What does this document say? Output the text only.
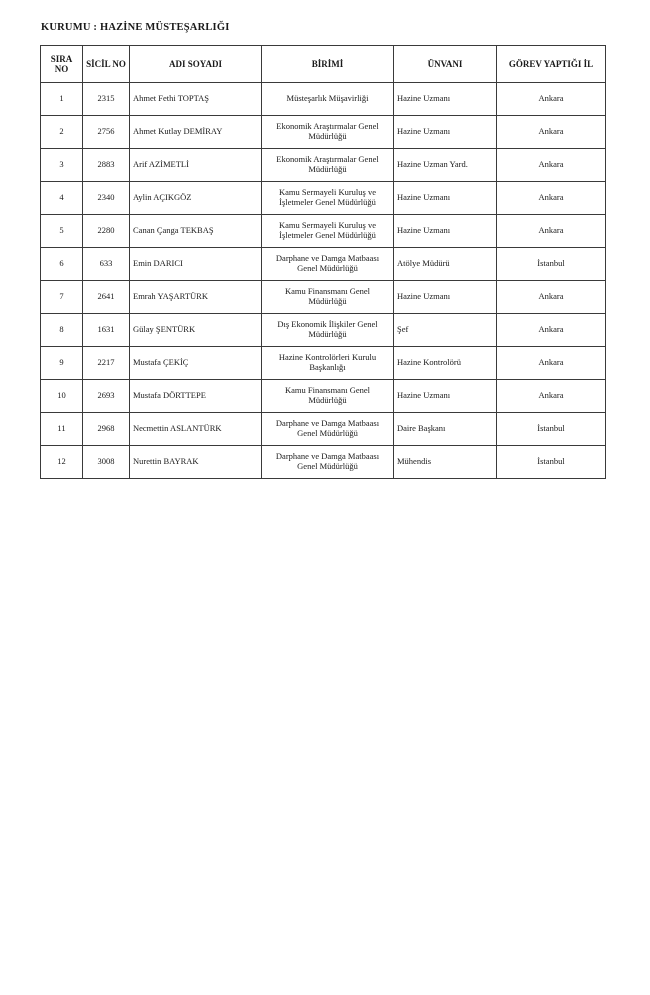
KURUMU : HAZİNE MÜSTEŞARLIĞI
SIRA NO	SİCİL NO	ADI SOYADI	BİRİMİ	ÜNVANI	GÖREV YAPTIĞI İL
1	2315	Ahmet Fethi TOPTAŞ	Müsteşarlık Müşavirliği	Hazine Uzmanı	Ankara
2	2756	Ahmet Kutlay DEMİRAY	Ekonomik Araştırmalar Genel Müdürlüğü	Hazine Uzmanı	Ankara
3	2883	Arif AZİMETLİ	Ekonomik Araştırmalar Genel Müdürlüğü	Hazine Uzman Yard.	Ankara
4	2340	Aylin AÇIKGÖZ	Kamu Sermayeli Kuruluş ve İşletmeler Genel Müdürlüğü	Hazine Uzmanı	Ankara
5	2280	Canan Çanga TEKBAŞ	Kamu Sermayeli Kuruluş ve İşletmeler Genel Müdürlüğü	Hazine Uzmanı	Ankara
6	633	Emin DARICI	Darphane ve Damga Matbaası Genel Müdürlüğü	Atölye Müdürü	İstanbul
7	2641	Emrah YAŞARTÜRK	Kamu Finansmanı Genel Müdürlüğü	Hazine Uzmanı	Ankara
8	1631	Gülay ŞENTÜRK	Dış Ekonomik İlişkiler Genel Müdürlüğü	Şef	Ankara
9	2217	Mustafa ÇEKİÇ	Hazine Kontrolörleri Kurulu Başkanlığı	Hazine Kontrolörü	Ankara
10	2693	Mustafa DÖRTTEPE	Kamu Finansmanı Genel Müdürlüğü	Hazine Uzmanı	Ankara
11	2968	Necmettin ASLANTÜRK	Darphane ve Damga Matbaası Genel Müdürlüğü	Daire Başkanı	İstanbul
12	3008	Nurettin BAYRAK	Darphane ve Damga Matbaası Genel Müdürlüğü	Mühendis	İstanbul
